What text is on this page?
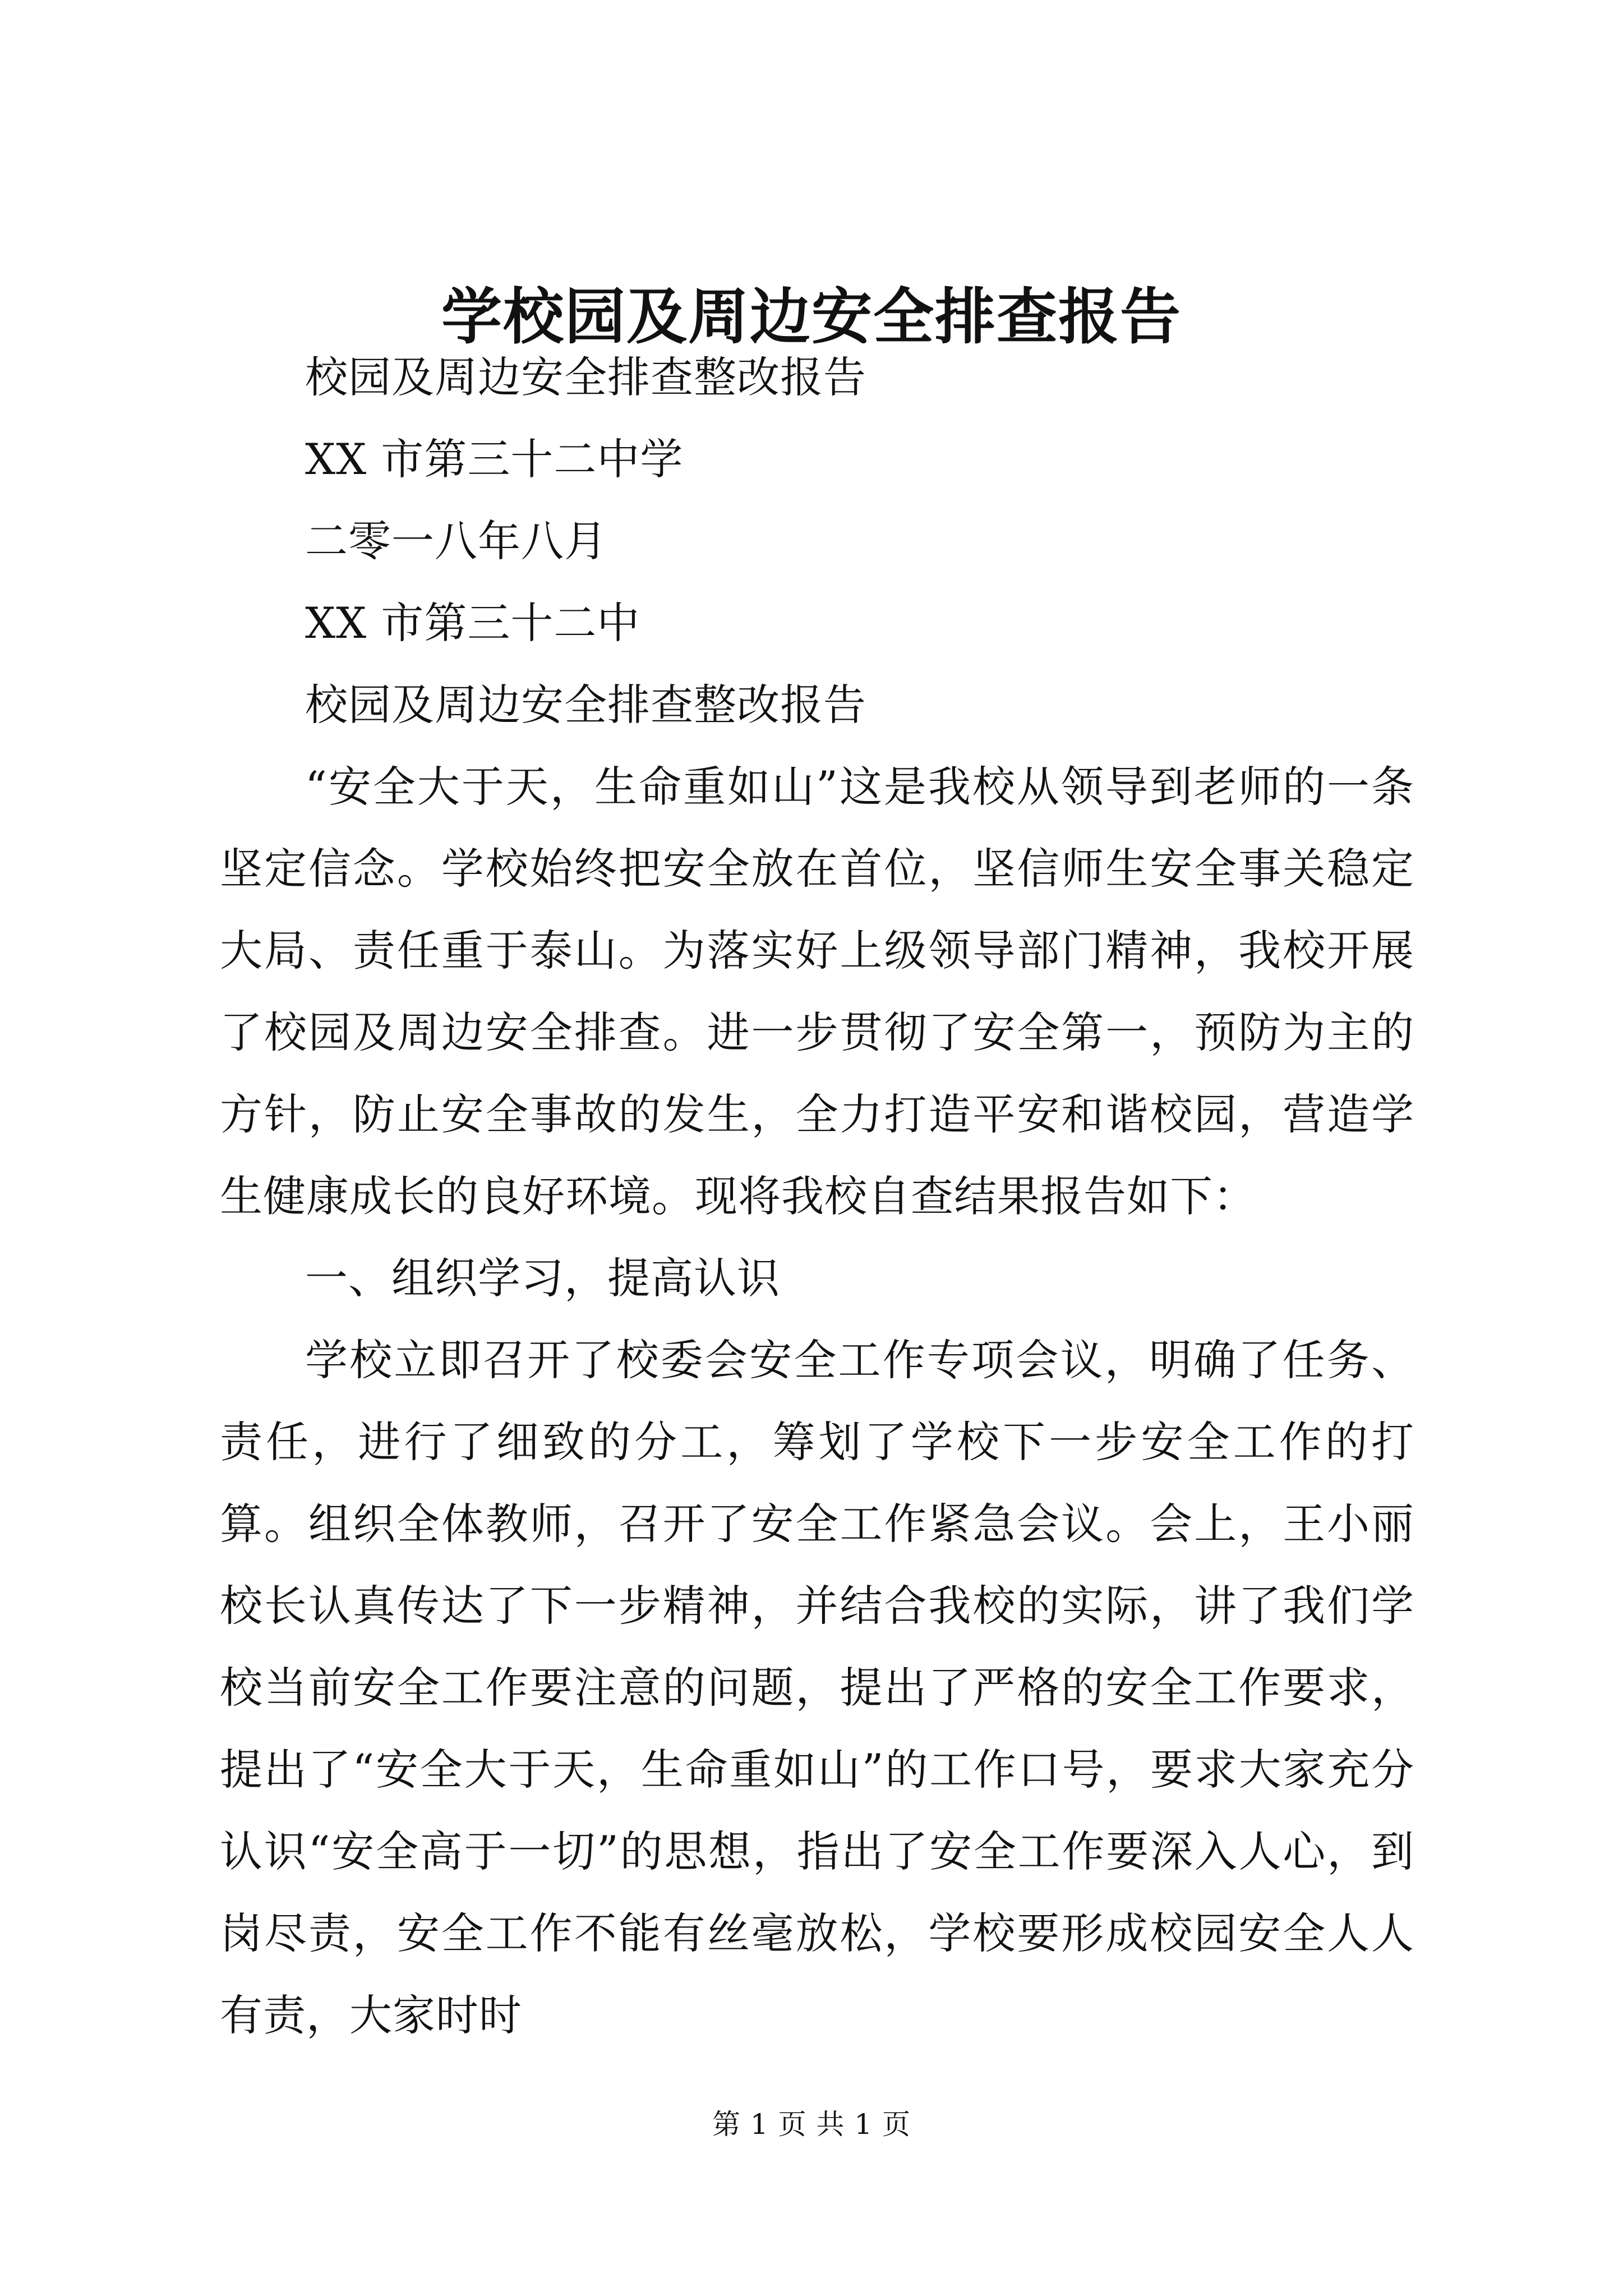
学校园及周边安全排查报告

校园及周边安全排查整改报告

XX 市第三十二中学

二零一八年八月

XX 市第三十二中

校园及周边安全排查整改报告

“安全大于天，生命重如山”这是我校从领导到老师的一条坚定信念。学校始终把安全放在首位，坚信师生安全事关稳定大局、责任重于泰山。为落实好上级领导部门精神，我校开展了校园及周边安全排查。进一步贯彻了安全第一，预防为主的方针，防止安全事故的发生，全力打造平安和谐校园，营造学生健康成长的良好环境。现将我校自查结果报告如下：

一、组织学习，提高认识

学校立即召开了校委会安全工作专项会议，明确了任务、责任，进行了细致的分工，筹划了学校下一步安全工作的打算。组织全体教师，召开了安全工作紧急会议。会上，王小丽校长认真传达了下一步精神，并结合我校的实际，讲了我们学校当前安全工作要注意的问题，提出了严格的安全工作要求，提出了“安全大于天，生命重如山”的工作口号，要求大家充分认识“安全高于一切”的思想，指出了安全工作要深入人心，到岗尽责，安全工作不能有丝毫放松，学校要形成校园安全人人有责，大家时时

第 1 页 共 1 页
